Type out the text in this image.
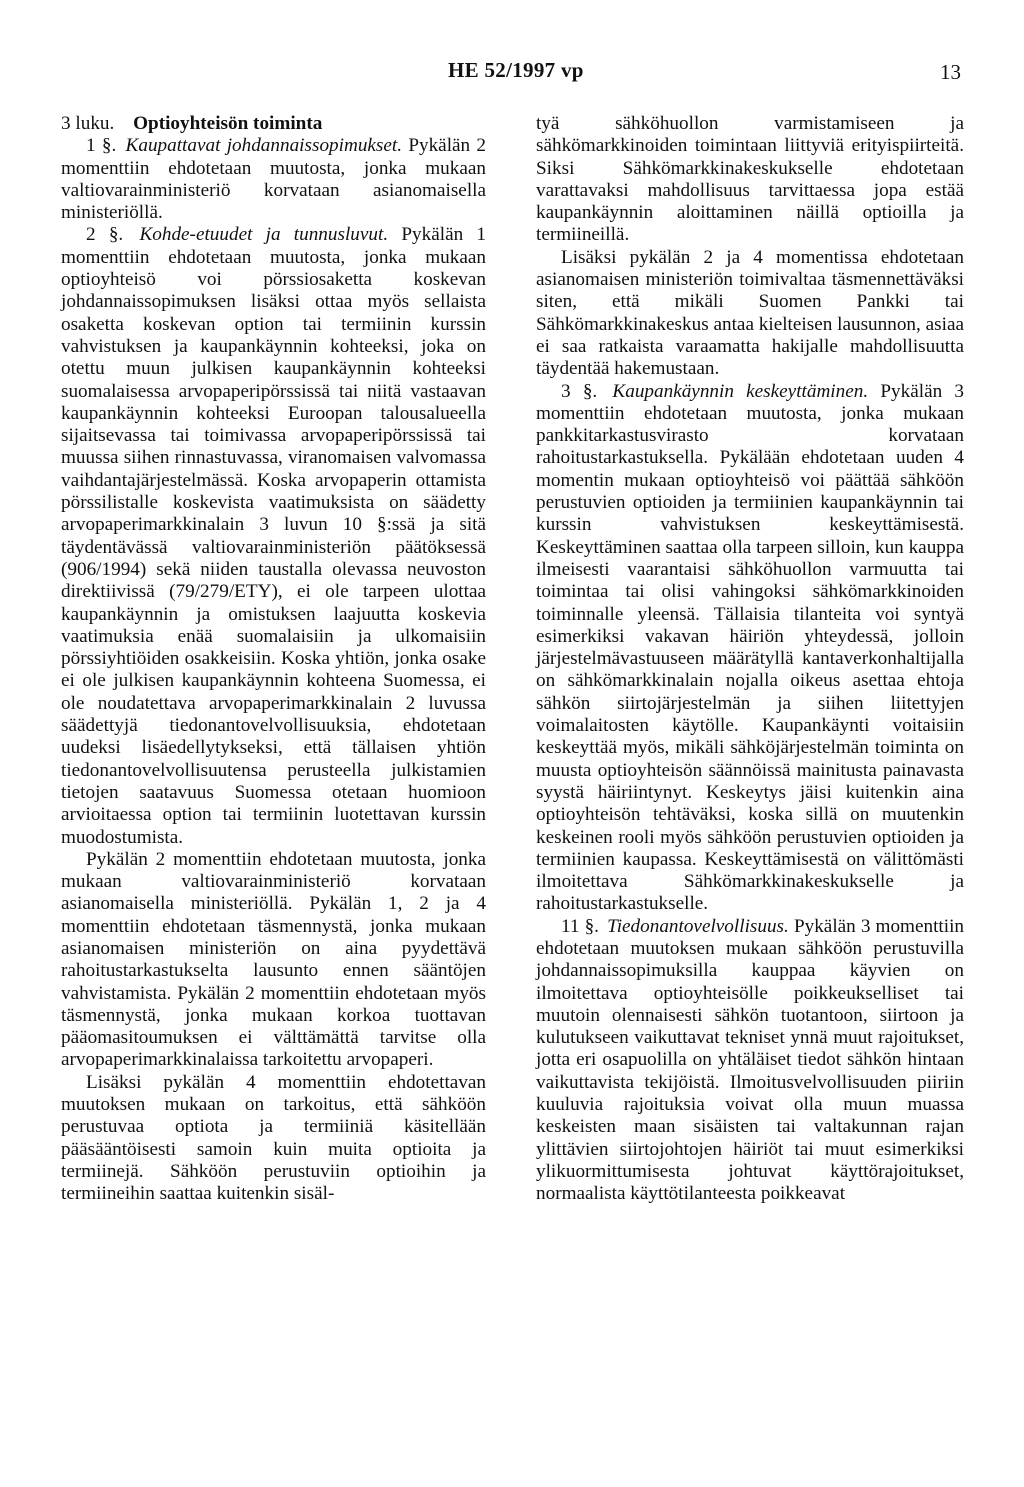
HE 52/1997 vp	13

3 luku. Optioyhteisön toiminta

1 §. Kaupattavat johdannaissopimukset. Pykälän 2 momenttiin ehdotetaan muutosta, jonka mukaan valtiovarainministeriö korvataan asianomaisella ministeriöllä.

2 §. Kohde-etuudet ja tunnusluvut. Pykälän 1 momenttiin ehdotetaan muutosta, jonka mukaan optioyhteisö voi pörssiosaketta koskevan johdannaissopimuksen lisäksi ottaa myös sellaista osaketta koskevan option tai termiinin kurssin vahvistuksen ja kaupankäynnin kohteeksi, joka on otettu muun julkisen kaupankäynnin kohteeksi suomalaisessa arvopaperipörssissä tai niitä vastaavan kaupankäynnin kohteeksi Euroopan talousalueella sijaitsevassa tai toimivassa arvopaperipörssissä tai muussa siihen rinnastuvassa, viranomaisen valvomassa vaihdantajärjestelmässä. Koska arvopaperin ottamista pörssilistalle koskevista vaatimuksista on säädetty arvopaperimarkkinalain 3 luvun 10 §:ssä ja sitä täydentävässä valtiovarainministeriön päätöksessä (906/1994) sekä niiden taustalla olevassa neuvoston direktiivissä (79/279/ETY), ei ole tarpeen ulottaa kaupankäynnin ja omistuksen laajuutta koskevia vaatimuksia enää suomalaisiin ja ulkomaisiin pörssiyhtiöiden osakkeisiin. Koska yhtiön, jonka osake ei ole julkisen kaupankäynnin kohteena Suomessa, ei ole noudatettava arvopaperimarkkinalain 2 luvussa säädettyjä tiedonantovelvollisuuksia, ehdotetaan uudeksi lisäedellytykseksi, että tällaisen yhtiön tiedonantovelvollisuutensa perusteella julkistamien tietojen saatavuus Suomessa otetaan huomioon arvioitaessa option tai termiinin luotettavan kurssin muodostumista.

Pykälän 2 momenttiin ehdotetaan muutosta, jonka mukaan valtiovarainministeriö korvataan asianomaisella ministeriöllä. Pykälän 1, 2 ja 4 momenttiin ehdotetaan täsmennystä, jonka mukaan asianomaisen ministeriön on aina pyydettävä rahoitustarkastukselta lausunto ennen sääntöjen vahvistamista. Pykälän 2 momenttiin ehdotetaan myös täsmennystä, jonka mukaan korkoa tuottavan pääomasitoumuksen ei välttämättä tarvitse olla arvopaperimarkkinalaissa tarkoitettu arvopaperi.

Lisäksi pykälän 4 momenttiin ehdotettavan muutoksen mukaan on tarkoitus, että sähköön perustuvaa optiota ja termiiniä käsitellään pääsääntöisesti samoin kuin muita optioita ja termiinejä. Sähköön perustuviin optioihin ja termiineihin saattaa kuitenkin sisäl-

tyä sähköhuollon varmistamiseen ja sähkömarkkinoiden toimintaan liittyviä erityispiirteitä. Siksi Sähkömarkkinakeskukselle ehdotetaan varattavaksi mahdollisuus tarvittaessa jopa estää kaupankäynnin aloittaminen näillä optioilla ja termiineillä.

Lisäksi pykälän 2 ja 4 momentissa ehdotetaan asianomaisen ministeriön toimivaltaa täsmennettäväksi siten, että mikäli Suomen Pankki tai Sähkömarkkinakeskus antaa kielteisen lausunnon, asiaa ei saa ratkaista varaamatta hakijalle mahdollisuutta täydentää hakemustaan.

3 §. Kaupankäynnin keskeyttäminen. Pykälän 3 momenttiin ehdotetaan muutosta, jonka mukaan pankkitarkastusvirasto korvataan rahoitustarkastuksella. Pykälään ehdotetaan uuden 4 momentin mukaan optioyhteisö voi päättää sähköön perustuvien optioiden ja termiinien kaupankäynnin tai kurssin vahvistuksen keskeyttämisestä. Keskeyttäminen saattaa olla tarpeen silloin, kun kauppa ilmeisesti vaarantaisi sähköhuollon varmuutta tai toimintaa tai olisi vahingoksi sähkömarkkinoiden toiminnalle yleensä. Tällaisia tilanteita voi syntyä esimerkiksi vakavan häiriön yhteydessä, jolloin järjestelmävastuuseen määrätyllä kantaverkonhaltijalla on sähkömarkkinalain nojalla oikeus asettaa ehtoja sähkön siirtojärjestelmän ja siihen liitettyjen voimalaitosten käytölle. Kaupankäynti voitaisiin keskeyttää myös, mikäli sähköjärjestelmän toiminta on muusta optioyhteisön säännöissä mainitusta painavasta syystä häiriintynyt. Keskeytys jäisi kuitenkin aina optioyhteisön tehtäväksi, koska sillä on muutenkin keskeinen rooli myös sähköön perustuvien optioiden ja termiinien kaupassa. Keskeyttämisestä on välittömästi ilmoitettava Sähkömarkkinakeskukselle ja rahoitustarkastukselle.

11 §. Tiedonantovelvollisuus. Pykälän 3 momenttiin ehdotetaan muutoksen mukaan sähköön perustuvilla johdannaissopimuksilla kauppaa käyvien on ilmoitettava optioyhteisölle poikkeukselliset tai muutoin olennaisesti sähkön tuotantoon, siirtoon ja kulutukseen vaikuttavat tekniset ynnä muut rajoitukset, jotta eri osapuolilla on yhtäläiset tiedot sähkön hintaan vaikuttavista tekijöistä. Ilmoitusvelvollisuuden piiriin kuuluvia rajoituksia voivat olla muun muassa keskeisten maan sisäisten tai valtakunnan rajan ylittävien siirtojohtojen häiriöt tai muut esimerkiksi ylikuormittumisesta johtuvat käyttörajoitukset, normaalista käyttötilanteesta poikkeavat
